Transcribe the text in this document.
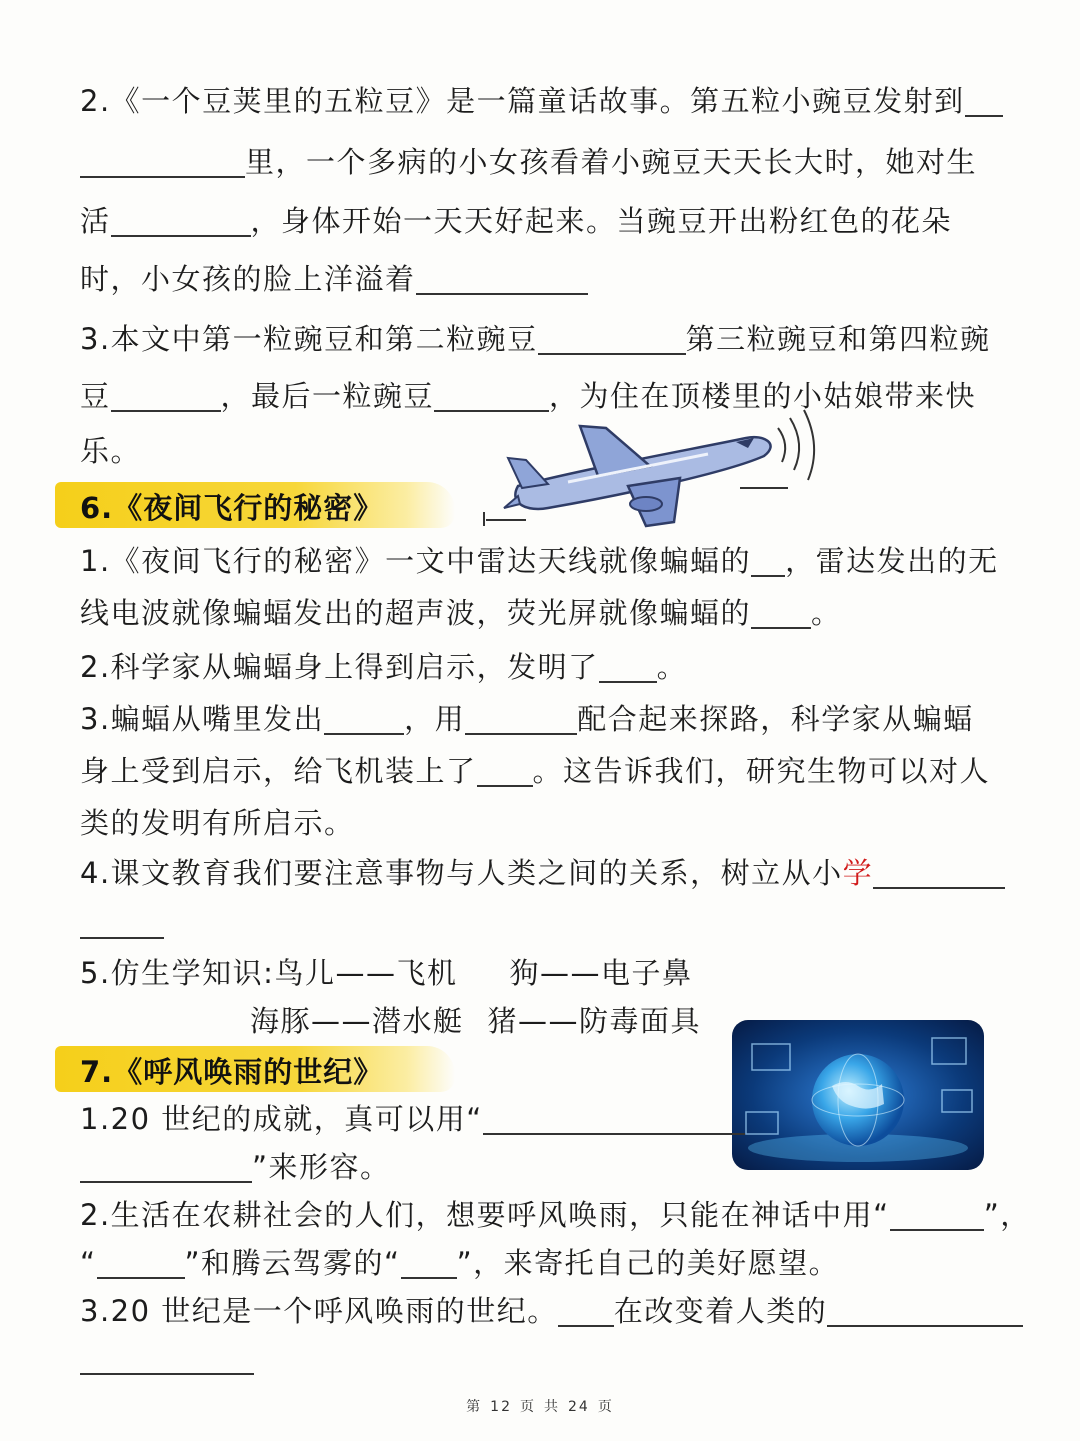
2.《一个豆荚里的五粒豆》是一篇童话故事。第五粒小豌豆发射到

里，一个多病的小女孩看着小豌豆天天长大时，她对生

活	，身体开始一天天好起来。当豌豆开出粉红色的花朵

时，小女孩的脸上洋溢着

3.本文中第一粒豌豆和第二粒豌豆	第三粒豌豆和第四粒豌

豆	，最后一粒豌豆	，为住在顶楼里的小姑娘带来快

乐。

6.《夜间飞行的秘密》

1.《夜间飞行的秘密》一文中雷达天线就像蝙蝠的 ，雷达发出的无

线电波就像蝙蝠发出的超声波，荧光屏就像蝙蝠的 。

2.科学家从蝙蝠身上得到启示，发明了 。

3.蝙蝠从嘴里发出	，用	配合起来探路，科学家从蝙蝠

身上受到启示，给飞机装上了 。这告诉我们，研究生物可以对人

类的发明有所启示。

4.课文教育我们要注意事物与人类之间的关系，树立从小学

5.仿生学知识:鸟儿——飞机 狗——电子鼻

海豚——潜水艇 猪——防毒面具

7.《呼风唤雨的世纪》

1.20 世纪的成就，真可以用“

”来形容。

2.生活在农耕社会的人们，想要呼风唤雨，只能在神话中用“	”，

“	”和腾云驾雾的“ ”，来寄托自己的美好愿望。

3.20 世纪是一个呼风唤雨的世纪。 在改变着人类的

第 12 页 共 24 页
